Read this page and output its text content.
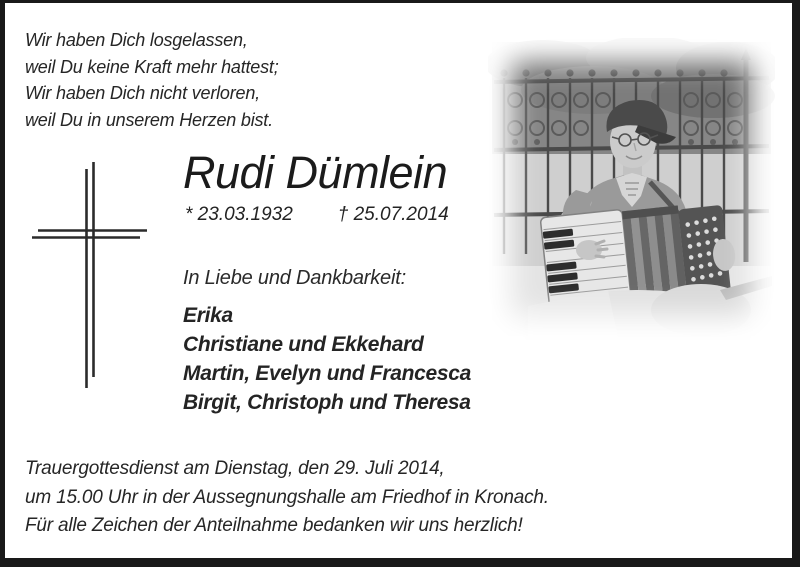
Wir haben Dich losgelassen,
weil Du keine Kraft mehr hattest;
Wir haben Dich nicht verloren,
weil Du in unserem Herzen bist.
Rudi Dümlein
* 23.03.1932 † 25.07.2014
In Liebe und Dankbarkeit:
Erika
Christiane und Ekkehard
Martin, Evelyn und Francesca
Birgit, Christoph und Theresa
Trauergottesdienst am Dienstag, den 29. Juli 2014,
um 15.00 Uhr in der Aussegnungshalle am Friedhof in Kronach.
Für alle Zeichen der Anteilnahme bedanken wir uns herzlich!
